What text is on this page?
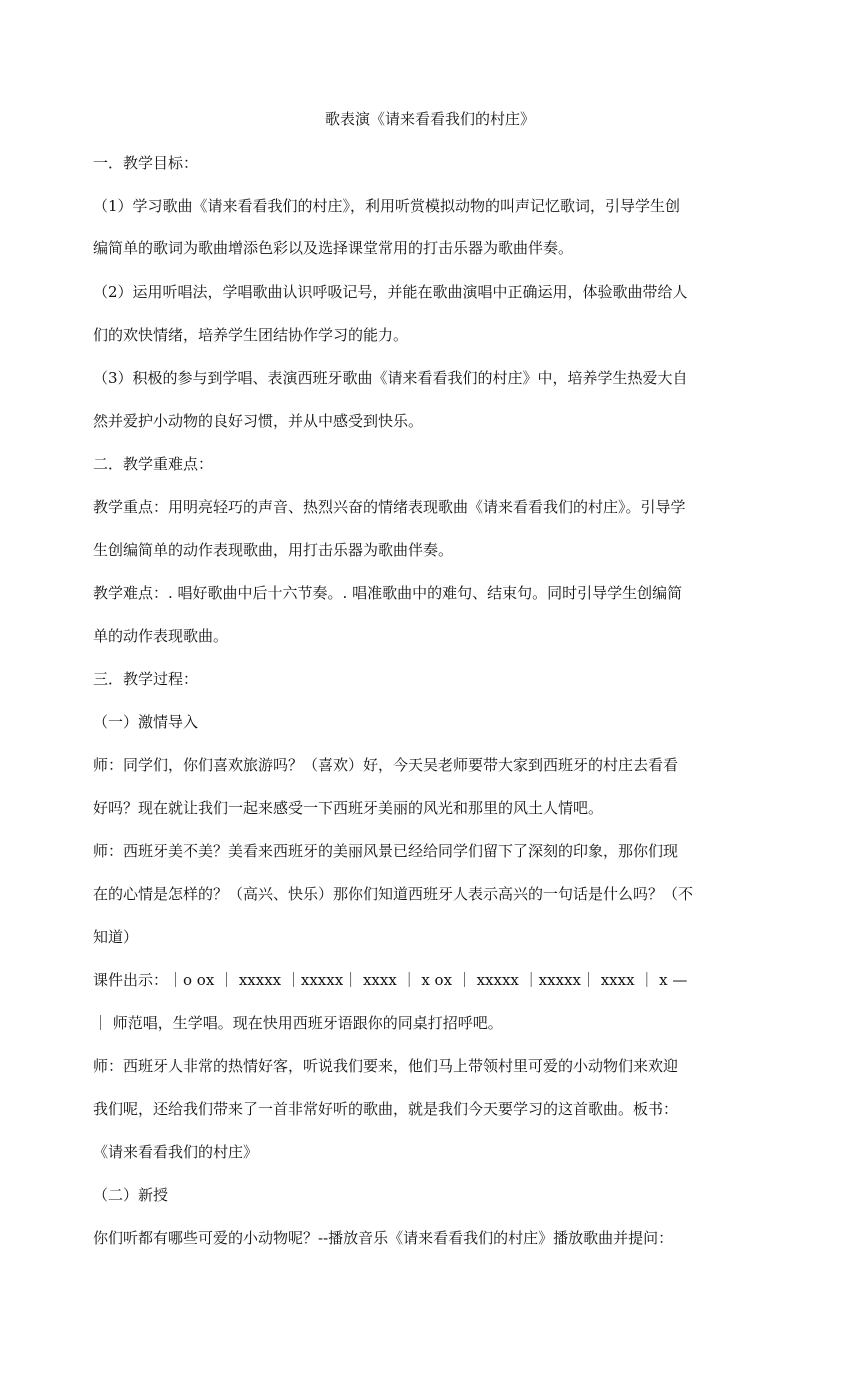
歌表演《请来看看我们的村庄》
一．教学目标：
（1）学习歌曲《请来看看我们的村庄》，利用听赏模拟动物的叫声记忆歌词，引导学生创
编简单的歌词为歌曲增添色彩以及选择课堂常用的打击乐器为歌曲伴奏。
（2）运用听唱法，学唱歌曲认识呼吸记号，并能在歌曲演唱中正确运用，体验歌曲带给人
们的欢快情绪，培养学生团结协作学习的能力。
（3）积极的参与到学唱、表演西班牙歌曲《请来看看我们的村庄》中，培养学生热爱大自
然并爱护小动物的良好习惯，并从中感受到快乐。
二．教学重难点：
教学重点：用明亮轻巧的声音、热烈兴奋的情绪表现歌曲《请来看看我们的村庄》。引导学
生创编简单的动作表现歌曲，用打击乐器为歌曲伴奏。
教学难点：. 唱好歌曲中后十六节奏。. 唱准歌曲中的难句、结束句。同时引导学生创编简
单的动作表现歌曲。
三．教学过程：
（一）激情导入
师：同学们，你们喜欢旅游吗？（喜欢）好，今天吴老师要带大家到西班牙的村庄去看看
好吗？现在就让我们一起来感受一下西班牙美丽的风光和那里的风土人情吧。
师：西班牙美不美？美看来西班牙的美丽风景已经给同学们留下了深刻的印象，那你们现
在的心情是怎样的？（高兴、快乐）那你们知道西班牙人表示高兴的一句话是什么吗？（不
知道）
课件出示：｜o ox ｜ xxxxx ｜xxxxx｜ xxxx ｜ x ox ｜ xxxxx ｜xxxxx｜ xxxx ｜ x —
｜ 师范唱，生学唱。现在快用西班牙语跟你的同桌打招呼吧。
师：西班牙人非常的热情好客，听说我们要来，他们马上带领村里可爱的小动物们来欢迎
我们呢，还给我们带来了一首非常好听的歌曲，就是我们今天要学习的这首歌曲。板书：
《请来看看我们的村庄》
（二）新授
你们听都有哪些可爱的小动物呢？--播放音乐《请来看看我们的村庄》播放歌曲并提问：
